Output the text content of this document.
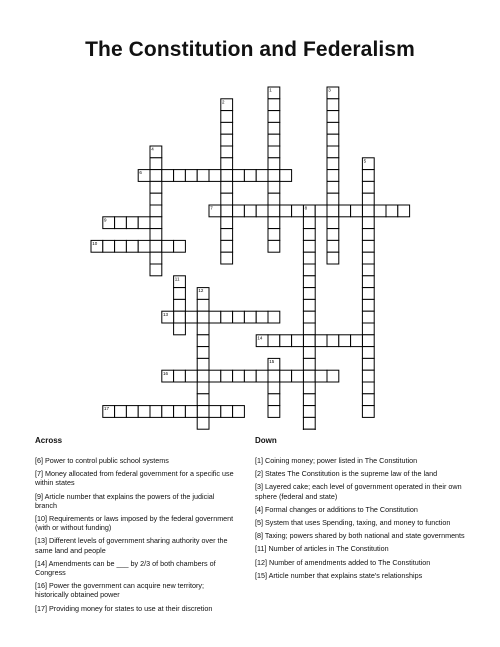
The Constitution and Federalism
1
2
3
4
5
6
7	8
9
10
11
12
13
14
15
16
17
Across	Down
[6] Power to control public school systems
[7] Money allocated from federal government for a specific use within states
[9] Article number that explains the powers of the judicial branch
[10] Requirements or laws imposed by the federal government (with or without funding)
[13] Different levels of government sharing authority over the same land and people
[14] Amendments can be ___ by 2/3 of both chambers of Congress
[16] Power the government can acquire new territory; historically obtained power
[17] Providing money for states to use at their discretion
[1] Coining money; power listed in The Constitution
[2] States The Constitution is the supreme law of the land
[3] Layered cake; each level of government operated in their own sphere (federal and state)
[4] Formal changes or additions to The Constitution
[5] System that uses Spending, taxing, and money to function
[8] Taxing; powers shared by both national and state governments
[11] Number of articles in The Constitution
[12] Number of amendments added to The Constitution
[15] Article number that explains state's relationships
